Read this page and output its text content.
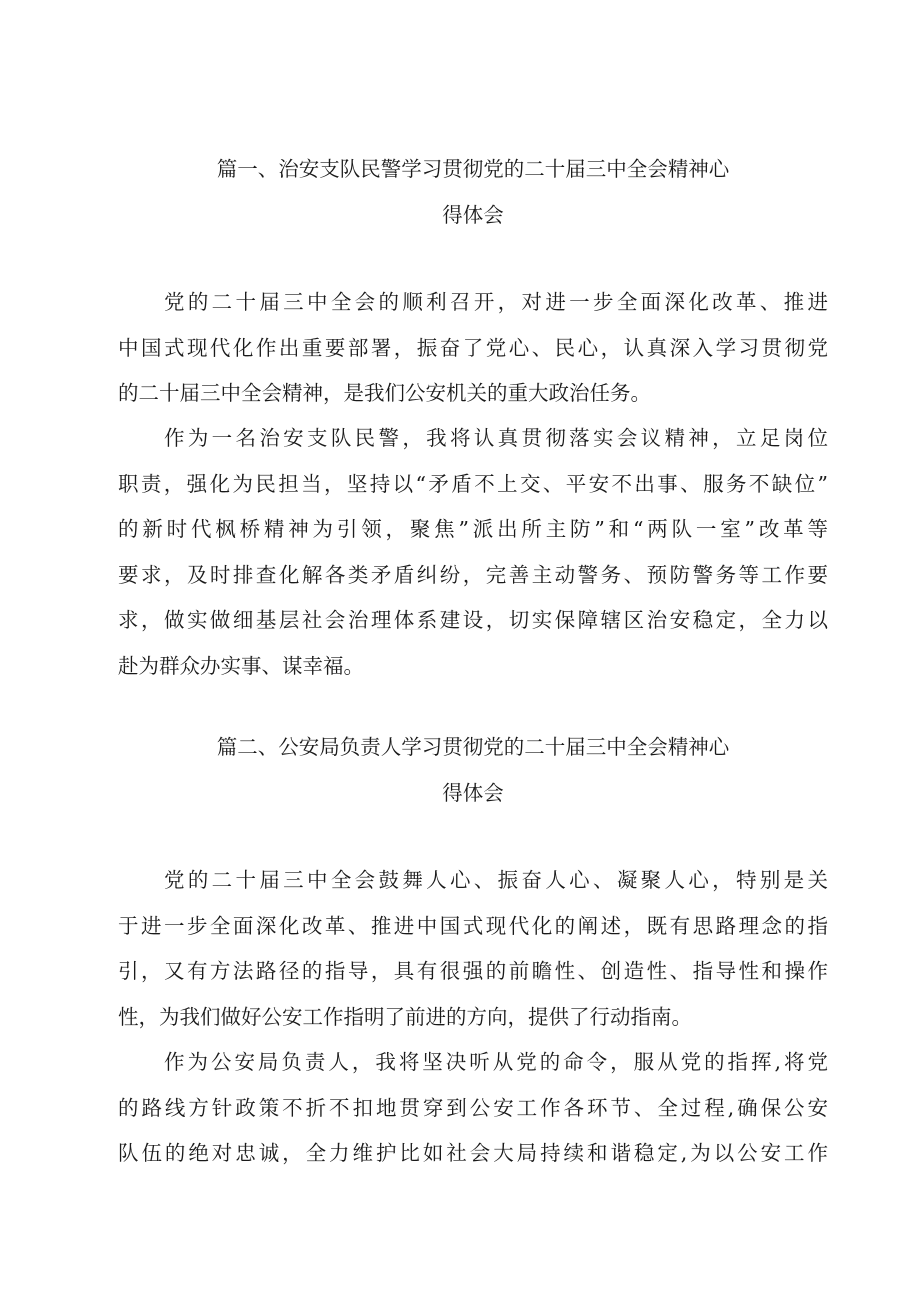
篇一、治安支队民警学习贯彻党的二十届三中全会精神心
得体会
党的二十届三中全会的顺利召开，对进一步全面深化改革、推进
中国式现代化作出重要部署，振奋了党心、民心，认真深入学习贯彻党
的二十届三中全会精神，是我们公安机关的重大政治任务。
作为一名治安支队民警，我将认真贯彻落实会议精神，立足岗位
职责，强化为民担当，坚持以“矛盾不上交、平安不出事、服务不缺位”
的新时代枫桥精神为引领，聚焦”派出所主防”和“两队一室”改革等
要求，及时排查化解各类矛盾纠纷，完善主动警务、预防警务等工作要
求，做实做细基层社会治理体系建设，切实保障辖区治安稳定，全力以
赴为群众办实事、谋幸福。
篇二、公安局负责人学习贯彻党的二十届三中全会精神心
得体会
党的二十届三中全会鼓舞人心、振奋人心、凝聚人心，特别是关
于进一步全面深化改革、推进中国式现代化的阐述，既有思路理念的指
引，又有方法路径的指导，具有很强的前瞻性、创造性、指导性和操作
性，为我们做好公安工作指明了前进的方向，提供了行动指南。
作为公安局负责人，我将坚决听从党的命令，服从党的指挥,将党
的路线方针政策不折不扣地贯穿到公安工作各环节、全过程,确保公安
队伍的绝对忠诚，全力维护比如社会大局持续和谐稳定,为以公安工作
